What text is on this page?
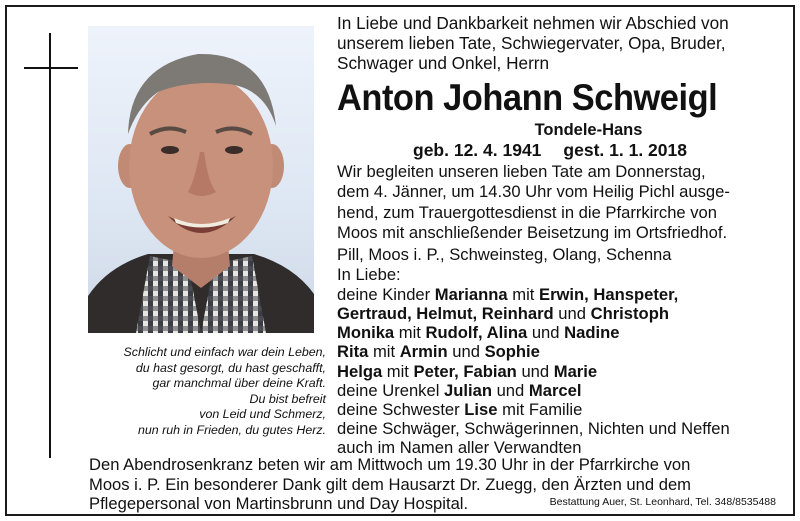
Schlicht und einfach war dein Leben,
du hast gesorgt, du hast geschafft,
gar manchmal über deine Kraft.
Du bist befreit
von Leid und Schmerz,
nun ruh in Frieden, du gutes Herz.
In Liebe und Dankbarkeit nehmen wir Abschied von
unserem lieben Tate, Schwiegervater, Opa, Bruder,
Schwager und Onkel, Herrn
Anton Johann Schweigl
Tondele-Hans
geb. 12. 4. 1941 gest. 1. 1. 2018
Wir begleiten unseren lieben Tate am Donnerstag,
dem 4. Jänner, um 14.30 Uhr vom Heilig Pichl ausge-
hend, zum Trauergottesdienst in die Pfarrkirche von
Moos mit anschließender Beisetzung im Ortsfriedhof.
Pill, Moos i. P., Schweinsteg, Olang, Schenna
In Liebe:
deine Kinder Marianna mit Erwin, Hanspeter,
Gertraud, Helmut, Reinhard und Christoph
Monika mit Rudolf, Alina und Nadine
Rita mit Armin und Sophie
Helga mit Peter, Fabian und Marie
deine Urenkel Julian und Marcel
deine Schwester Lise mit Familie
deine Schwäger, Schwägerinnen, Nichten und Neffen
auch im Namen aller Verwandten
Den Abendrosenkranz beten wir am Mittwoch um 19.30 Uhr in der Pfarrkirche von
Moos i. P. Ein besonderer Dank gilt dem Hausarzt Dr. Zuegg, den Ärzten und dem
Pflegepersonal von Martinsbrunn und Day Hospital.	Bestattung Auer, St. Leonhard, Tel. 348/8535488
